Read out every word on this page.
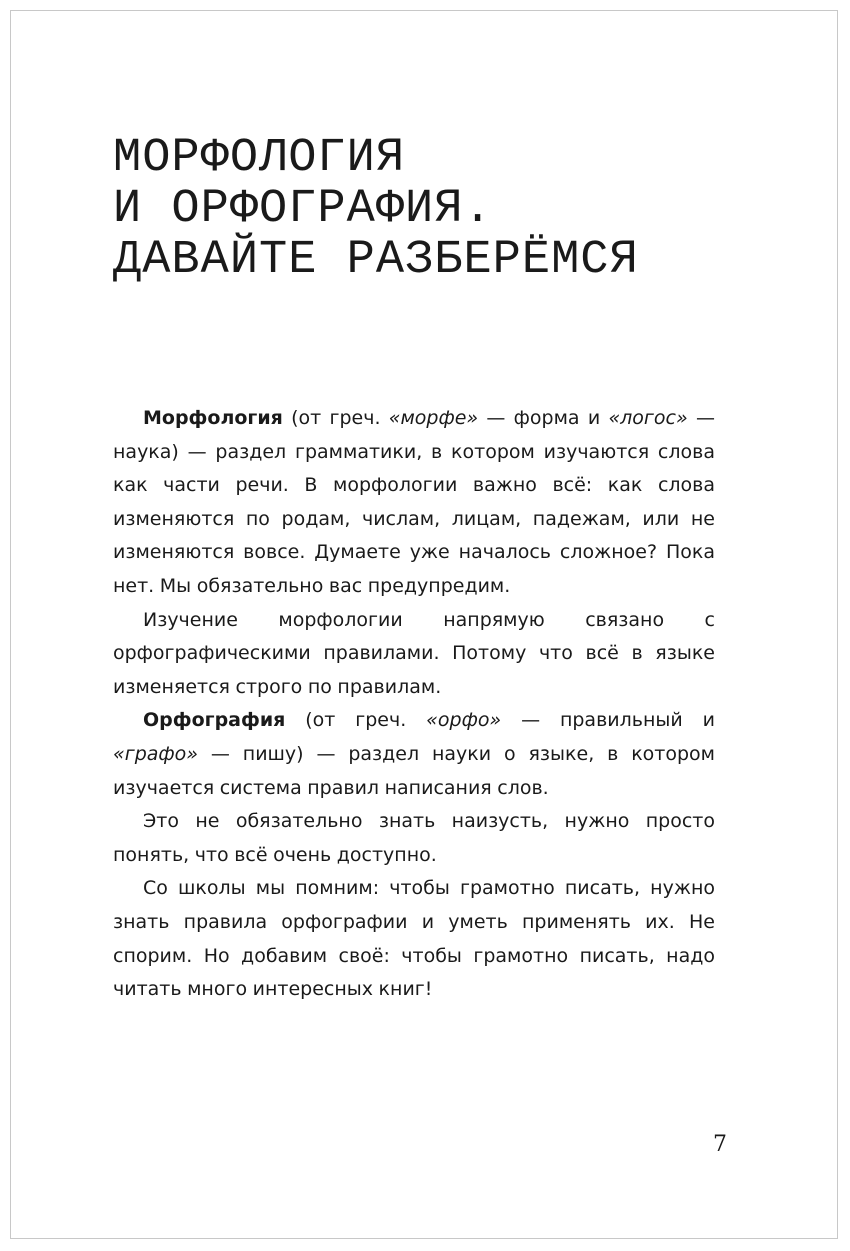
МОРФОЛОГИЯ
И ОРФОГРАФИЯ.
ДАВАЙТЕ РАЗБЕРЁМСЯ

Морфология (от греч. «морфе» — форма и «логос» — наука) — раздел грамматики, в котором изучаются слова как части речи. В морфологии важно всё: как слова изменяются по родам, числам, лицам, падежам, или не изменяются вовсе. Думаете уже началось сложное? Пока нет. Мы обязательно вас предупредим.

Изучение морфологии напрямую связано с орфографическими правилами. Потому что всё в языке изменяется строго по правилам.

Орфография (от греч. «орфо» — правильный и «графо» — пишу) — раздел науки о языке, в котором изучается система правил написания слов.

Это не обязательно знать наизусть, нужно просто понять, что всё очень доступно.

Со школы мы помним: чтобы грамотно писать, нужно знать правила орфографии и уметь применять их. Не спорим. Но добавим своё: чтобы грамотно писать, надо читать много интересных книг!

7
